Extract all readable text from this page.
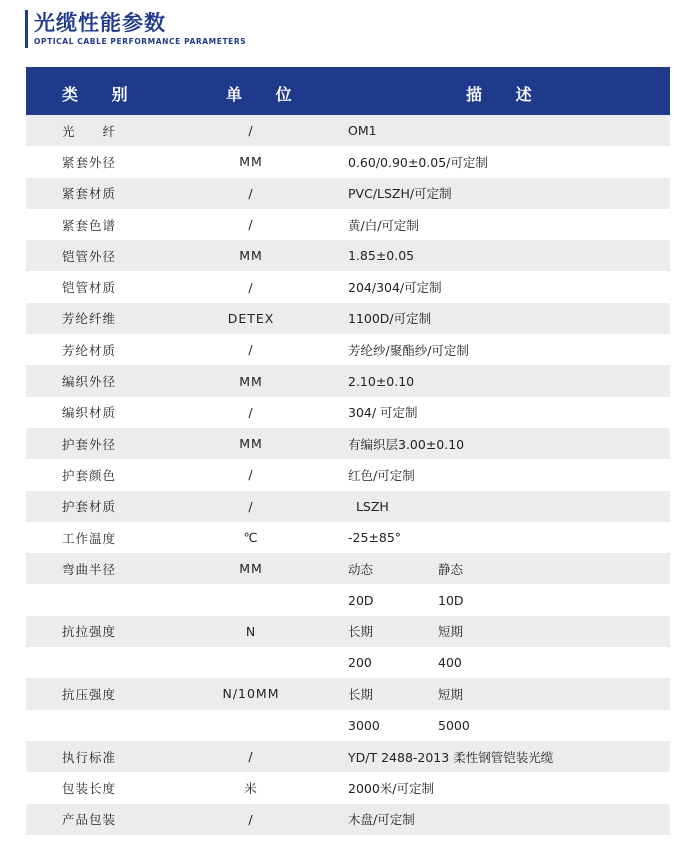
光缆性能参数
OPTICAL CABLE PERFORMANCE PARAMETERS
类 别 单 位 描 述		

光　　纤	/	OM1
紧套外径	MM	0.60/0.90±0.05/可定制
紧套材质	/	PVC/LSZH/可定制
紧套色谱	/	黄/白/可定制
铠管外径	MM	1.85±0.05
铠管材质	/	204/304/可定制
芳纶纤维	DETEX	1100D/可定制
芳纶材质	/	芳纶纱/聚酯纱/可定制
编织外径	MM	2.10±0.10
编织材质	/	304/ 可定制
护套外径	MM	有编织层3.00±0.10
护套颜色	/	红色/可定制
护套材质	/	LSZH
工作温度	℃	-25±85°
弯曲半径	MM	动态 静态

		20D 10D

抗拉强度	N	长期 短期

		200 400

抗压强度	N/10MM	长期 短期

		3000 5000

执行标准	/	YD/T 2488-2013 柔性钢管铠装光缆
包装长度	米	2000米/可定制
产品包装	/	木盘/可定制
